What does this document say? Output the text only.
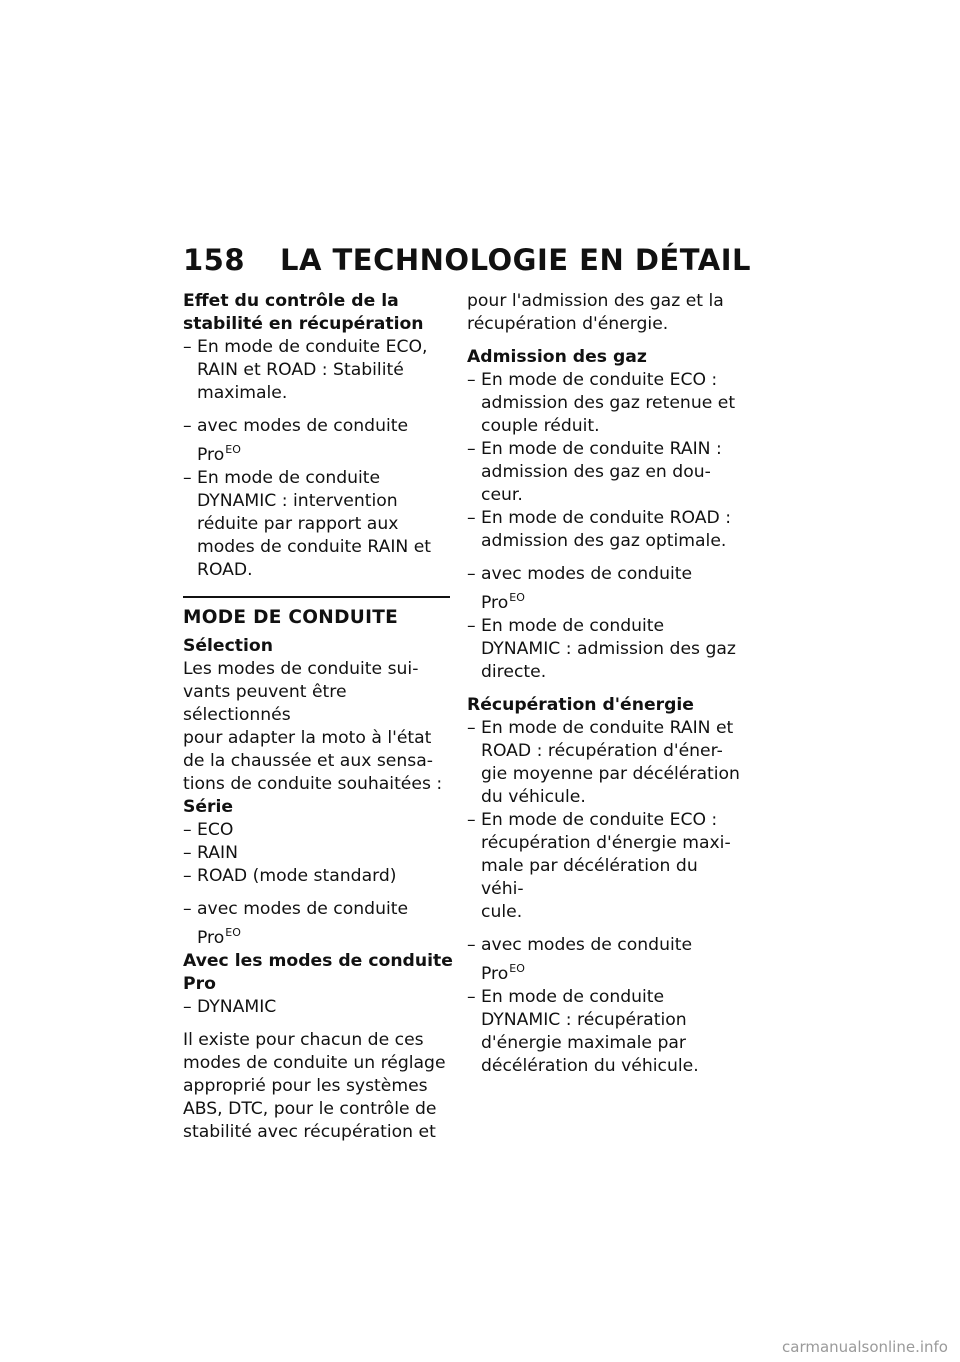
158 LA TECHNOLOGIE EN DÉTAIL
Effet du contrôle de la
stabilité en récupération
– En mode de conduite ECO,
RAIN et ROAD : Stabilité
maximale.
– avec modes de conduite
Pro$^{EO}$
– En mode de conduite
DYNAMIC : intervention
réduite par rapport aux
modes de conduite RAIN et
ROAD.
MODE DE CONDUITE
Sélection
Les modes de conduite sui-
vants peuvent être sélectionnés
pour adapter la moto à l'état
de la chaussée et aux sensa-
tions de conduite souhaitées :
Série
– ECO
– RAIN
– ROAD (mode standard)
– avec modes de conduite
Pro$^{EO}$
Avec les modes de conduite
Pro
– DYNAMIC
Il existe pour chacun de ces
modes de conduite un réglage
approprié pour les systèmes
ABS, DTC, pour le contrôle de
stabilité avec récupération et
pour l'admission des gaz et la
récupération d'énergie.
Admission des gaz
– En mode de conduite ECO :
admission des gaz retenue et
couple réduit.
– En mode de conduite RAIN :
admission des gaz en dou-
ceur.
– En mode de conduite ROAD :
admission des gaz optimale.
– avec modes de conduite
Pro$^{EO}$
– En mode de conduite
DYNAMIC : admission des gaz
directe.
Récupération d'énergie
– En mode de conduite RAIN et
ROAD : récupération d'éner-
gie moyenne par décélération
du véhicule.
– En mode de conduite ECO :
récupération d'énergie maxi-
male par décélération du véhi-
cule.
– avec modes de conduite
Pro$^{EO}$
– En mode de conduite
DYNAMIC : récupération
d'énergie maximale par
décélération du véhicule.
carmanualsonline.info
